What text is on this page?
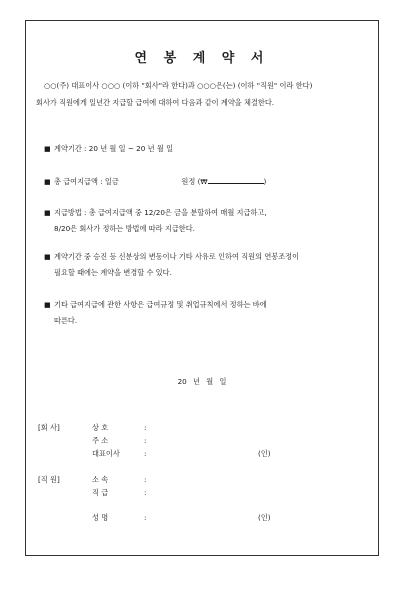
연 봉 계 약 서
○○(주) 대표이사 ○○○ (이하 "회사"라 한다)과 ○○○은(는) (이하 "직원" 이라 한다)
회사가 직원에게 일년간 지급할 급여에 대하여 다음과 같이 계약을 체결한다.
■ 계약기간 : 20 년 월 일 ~ 20 년 월 일
■ 총 급여지급액 : 일금	원정 (₩	)
■ 지급방법 : 총 급여지급액 중 12/20은 금을 분할하여 매월 지급하고,
8/20은 회사가 정하는 방법에 따라 지급한다.
■ 계약기간 중 승진 등 신분상의 변동이나 기타 사유로 인하여 직원의 연봉조정이
필요할 때에는 계약을 변경할 수 있다.
■ 기타 급여지급에 관한 사항은 급여규정 및 취업규칙에서 정하는 바에
따른다.
20 년 월 일
[회 사]	상 호	:
주 소	:
대표이사	:	(인)
[직 원]	소 속	:
직 급	:
성 명	:	(인)
